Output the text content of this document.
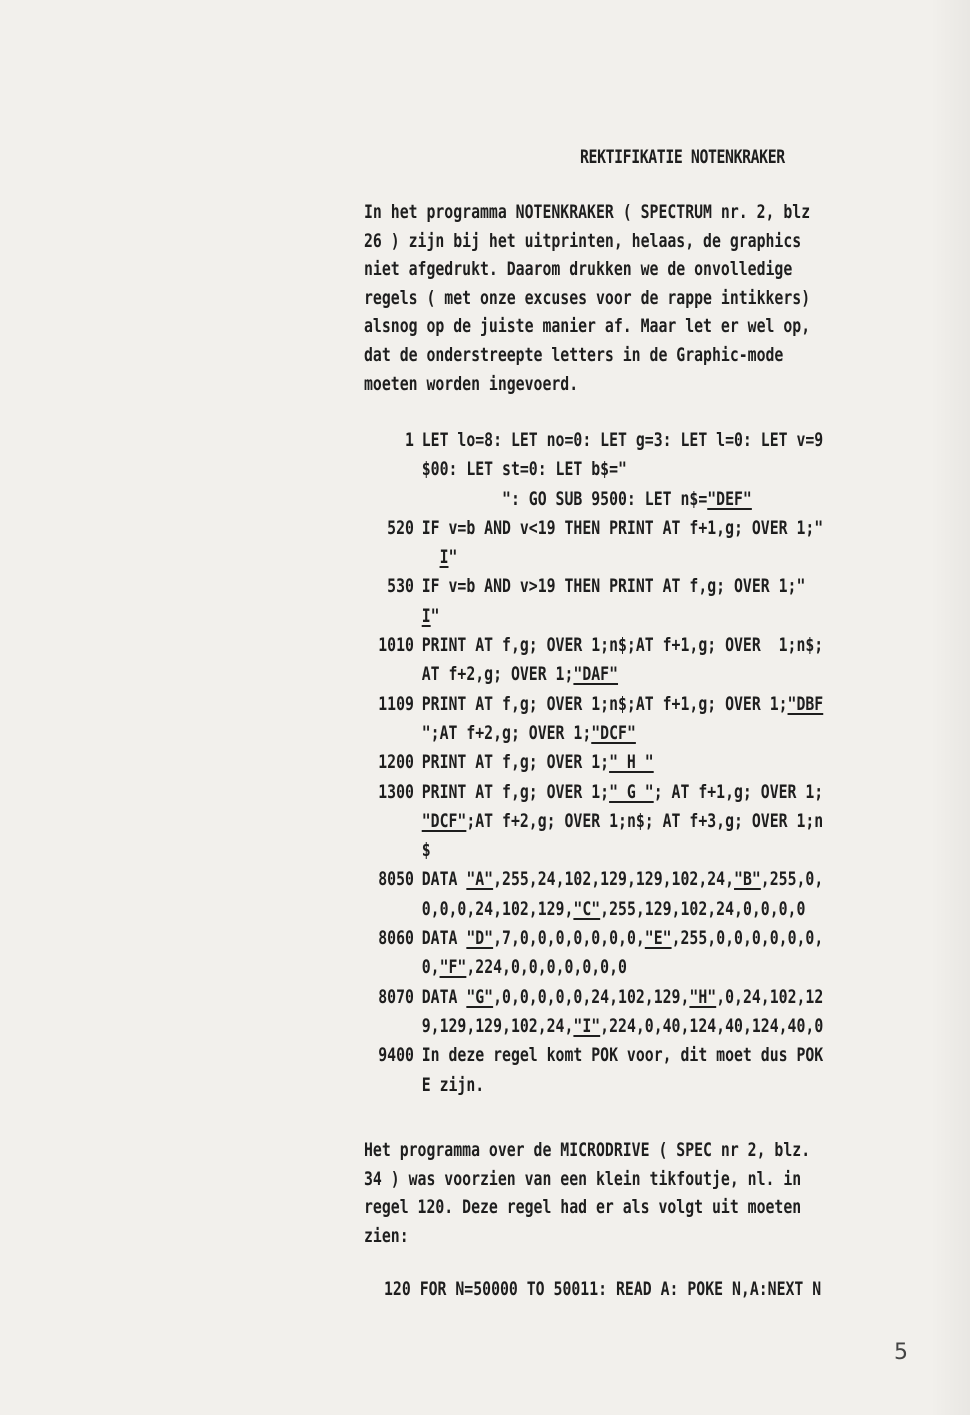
REKTIFIKATIE NOTENKRAKER
In het programma NOTENKRAKER ( SPECTRUM nr. 2, blz
26 ) zijn bij het uitprinten, helaas, de graphics
niet afgedrukt. Daarom drukken we de onvolledige
regels ( met onze excuses voor de rappe intikkers)
alsnog op de juiste manier af. Maar let er wel op,
dat de onderstreepte letters in de Graphic-mode
moeten worden ingevoerd.
1 LET lo=8: LET no=0: LET g=3: LET l=0: LET v=9
$00: LET st=0: LET b$="
": GO SUB 9500: LET n$="DEF"
520 IF v=b AND v<19 THEN PRINT AT f+1,g; OVER 1;"
I"
530 IF v=b AND v>19 THEN PRINT AT f,g; OVER 1;"
I"
1010 PRINT AT f,g; OVER 1;n$;AT f+1,g; OVER  1;n$;
AT f+2,g; OVER 1;"DAF"
1109 PRINT AT f,g; OVER 1;n$;AT f+1,g; OVER 1;"DBF
";AT f+2,g; OVER 1;"DCF"
1200 PRINT AT f,g; OVER 1;" H "
1300 PRINT AT f,g; OVER 1;" G "; AT f+1,g; OVER 1;
"DCF";AT f+2,g; OVER 1;n$; AT f+3,g; OVER 1;n
$
8050 DATA "A",255,24,102,129,129,102,24,"B",255,0,
0,0,0,24,102,129,"C",255,129,102,24,0,0,0,0
8060 DATA "D",7,0,0,0,0,0,0,0,"E",255,0,0,0,0,0,0,
0,"F",224,0,0,0,0,0,0,0
8070 DATA "G",0,0,0,0,0,24,102,129,"H",0,24,102,12
9,129,129,102,24,"I",224,0,40,124,40,124,40,0
9400 In deze regel komt POK voor, dit moet dus POK
E zijn.
Het programma over de MICRODRIVE ( SPEC nr 2, blz.
34 ) was voorzien van een klein tikfoutje, nl. in
regel 120. Deze regel had er als volgt uit moeten
zien:
120 FOR N=50000 TO 50011: READ A: POKE N,A:NEXT N
5
